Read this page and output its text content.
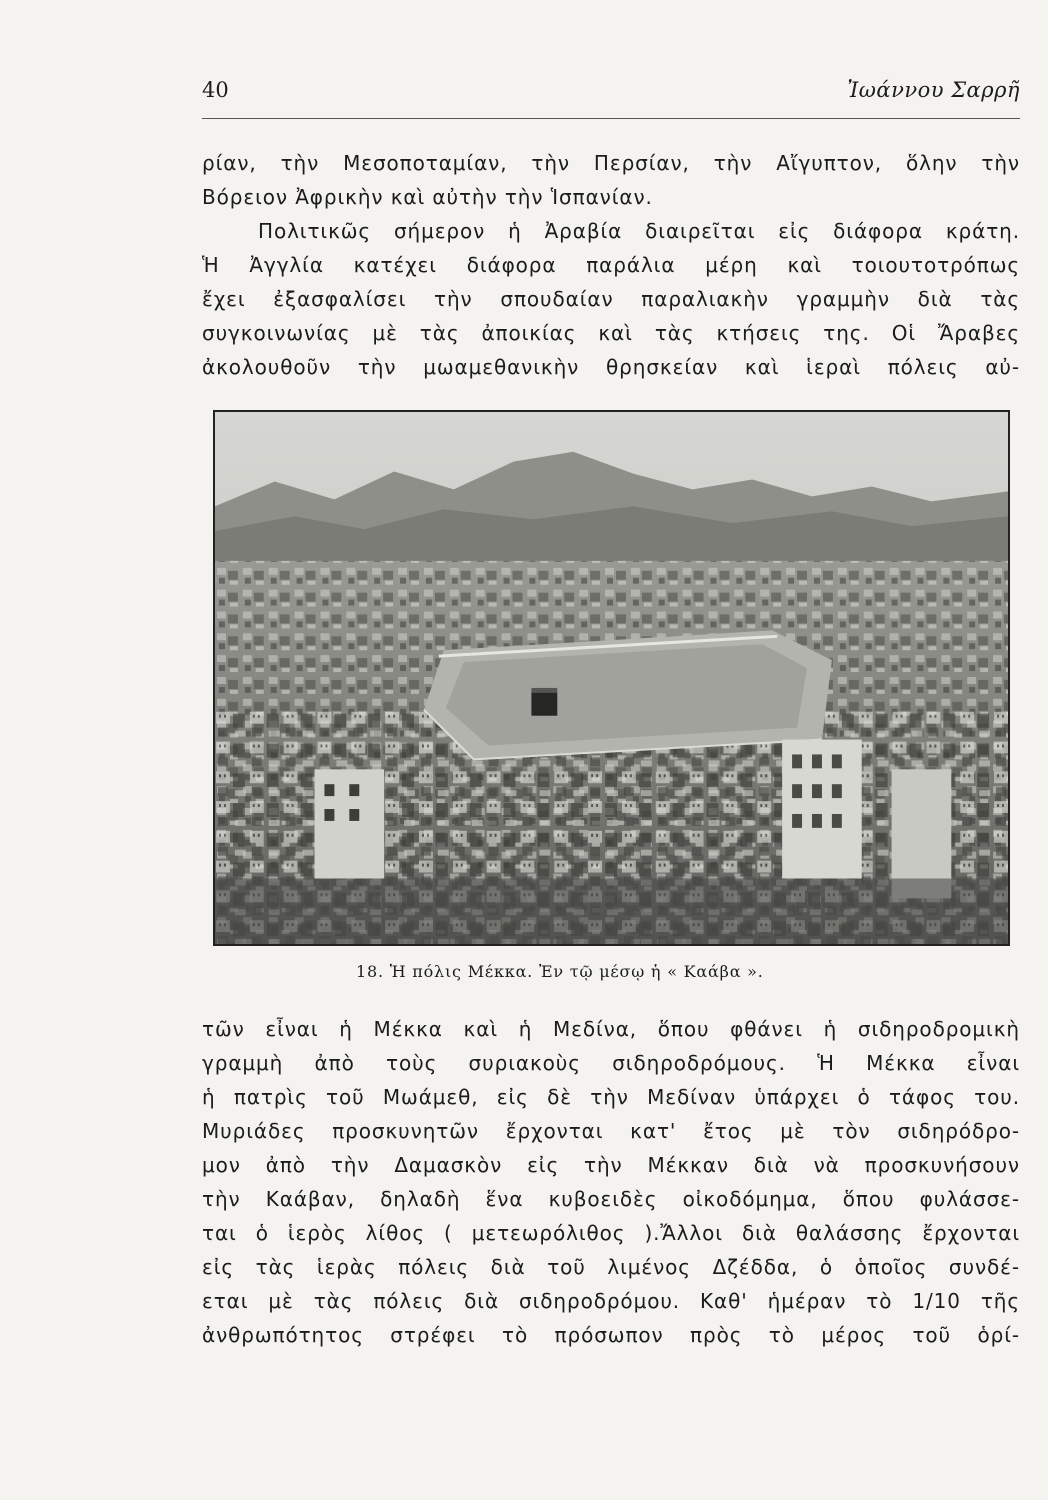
40	Ἰωάννου Σαρρῆ
ρίαν, τὴν Μεσοποταμίαν, τὴν Περσίαν, τὴν Αἴγυπτον, ὅλην τὴν
Βόρειον Ἀφρικὴν καὶ αὐτὴν τὴν Ἱσπανίαν.
Πολιτικῶς σήμερον ἡ Ἀραβία διαιρεῖται εἰς διάφορα κράτη.
Ἡ Ἀγγλία κατέχει διάφορα παράλια μέρη καὶ τοιουτοτρόπως
ἔχει ἐξασφαλίσει τὴν σπουδαίαν παραλιακὴν γραμμὴν διὰ τὰς
συγκοινωνίας μὲ τὰς ἀποικίας καὶ τὰς κτήσεις της. Οἱ Ἄραβες
ἀκολουθοῦν τὴν μωαμεθανικὴν θρησκείαν καὶ ἱεραὶ πόλεις αὐ-
18. Ἡ πόλις Μέκκα. Ἐν τῷ μέσῳ ἡ « Καάβα ».
τῶν εἶναι ἡ Μέκκα καὶ ἡ Μεδίνα, ὅπου φθάνει ἡ σιδηροδρομικὴ
γραμμὴ ἀπὸ τοὺς συριακοὺς σιδηροδρόμους. Ἡ Μέκκα εἶναι
ἡ πατρὶς τοῦ Μωάμεθ, εἰς δὲ τὴν Μεδίναν ὑπάρχει ὁ τάφος του.
Μυριάδες προσκυνητῶν ἔρχονται κατ' ἔτος μὲ τὸν σιδηρόδρο-
μον ἀπὸ τὴν Δαμασκὸν εἰς τὴν Μέκκαν διὰ νὰ προσκυνήσουν
τὴν Καάβαν, δηλαδὴ ἕνα κυβοειδὲς οἰκοδόμημα, ὅπου φυλάσσε-
ται ὁ ἱερὸς λίθος ( μετεωρόλιθος ).Ἄλλοι διὰ θαλάσσης ἔρχονται
εἰς τὰς ἱερὰς πόλεις διὰ τοῦ λιμένος Δζέδδα, ὁ ὁποῖος συνδέ-
εται μὲ τὰς πόλεις διὰ σιδηροδρόμου. Καθ' ἡμέραν τὸ 1/10 τῆς
ἀνθρωπότητος στρέφει τὸ πρόσωπον πρὸς τὸ μέρος τοῦ ὁρί-
